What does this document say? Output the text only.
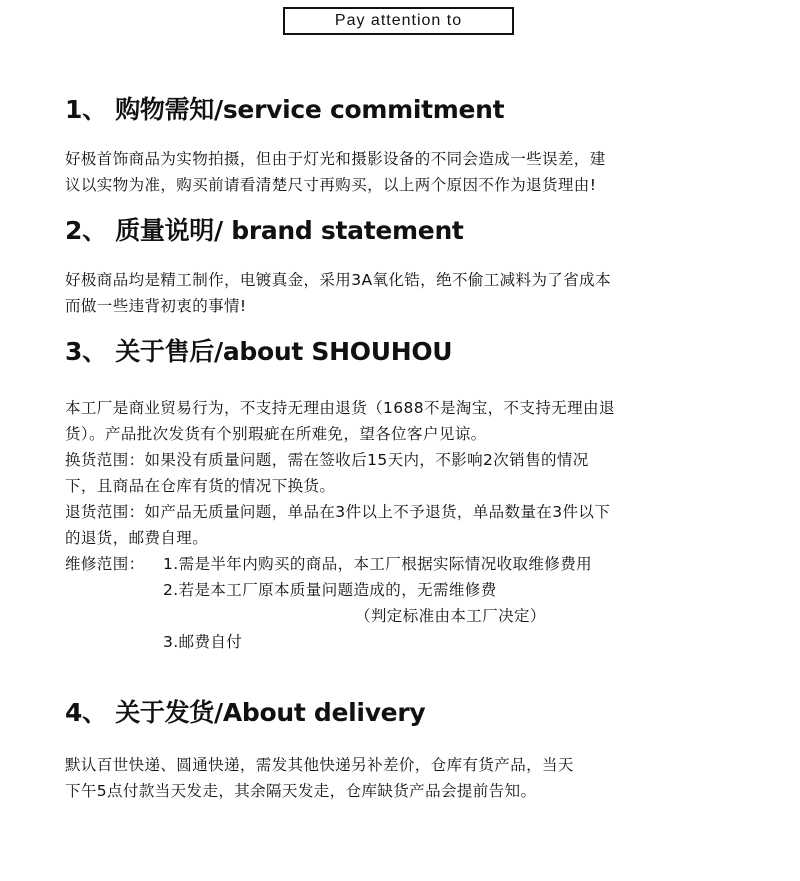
Pay attention to
1、 购物需知/service commitment

好极首饰商品为实物拍摄，但由于灯光和摄影设备的不同会造成一些误差，建

议以实物为准，购买前请看清楚尺寸再购买，以上两个原因不作为退货理由!

2、 质量说明/ brand statement

好极商品均是精工制作，电镀真金，采用3A氧化锆，绝不偷工减料为了省成本

而做一些违背初衷的事情!

3、 关于售后/about SHOUHOU

本工厂是商业贸易行为，不支持无理由退货（1688不是淘宝，不支持无理由退

货）。产品批次发货有个别瑕疵在所难免，望各位客户见谅。

换货范围：如果没有质量问题，需在签收后15天内，不影响2次销售的情况

下，且商品在仓库有货的情况下换货。

退货范围：如产品无质量问题，单品在3件以上不予退货，单品数量在3件以下

的退货，邮费自理。

维修范围： 1.需是半年内购买的商品，本工厂根据实际情况收取维修费用
2.若是本工厂原本质量问题造成的，无需维修费
（判定标准由本工厂决定）
3.邮费自付
4、 关于发货/About delivery

默认百世快递、圆通快递，需发其他快递另补差价，仓库有货产品，当天

下午5点付款当天发走，其余隔天发走，仓库缺货产品会提前告知。
